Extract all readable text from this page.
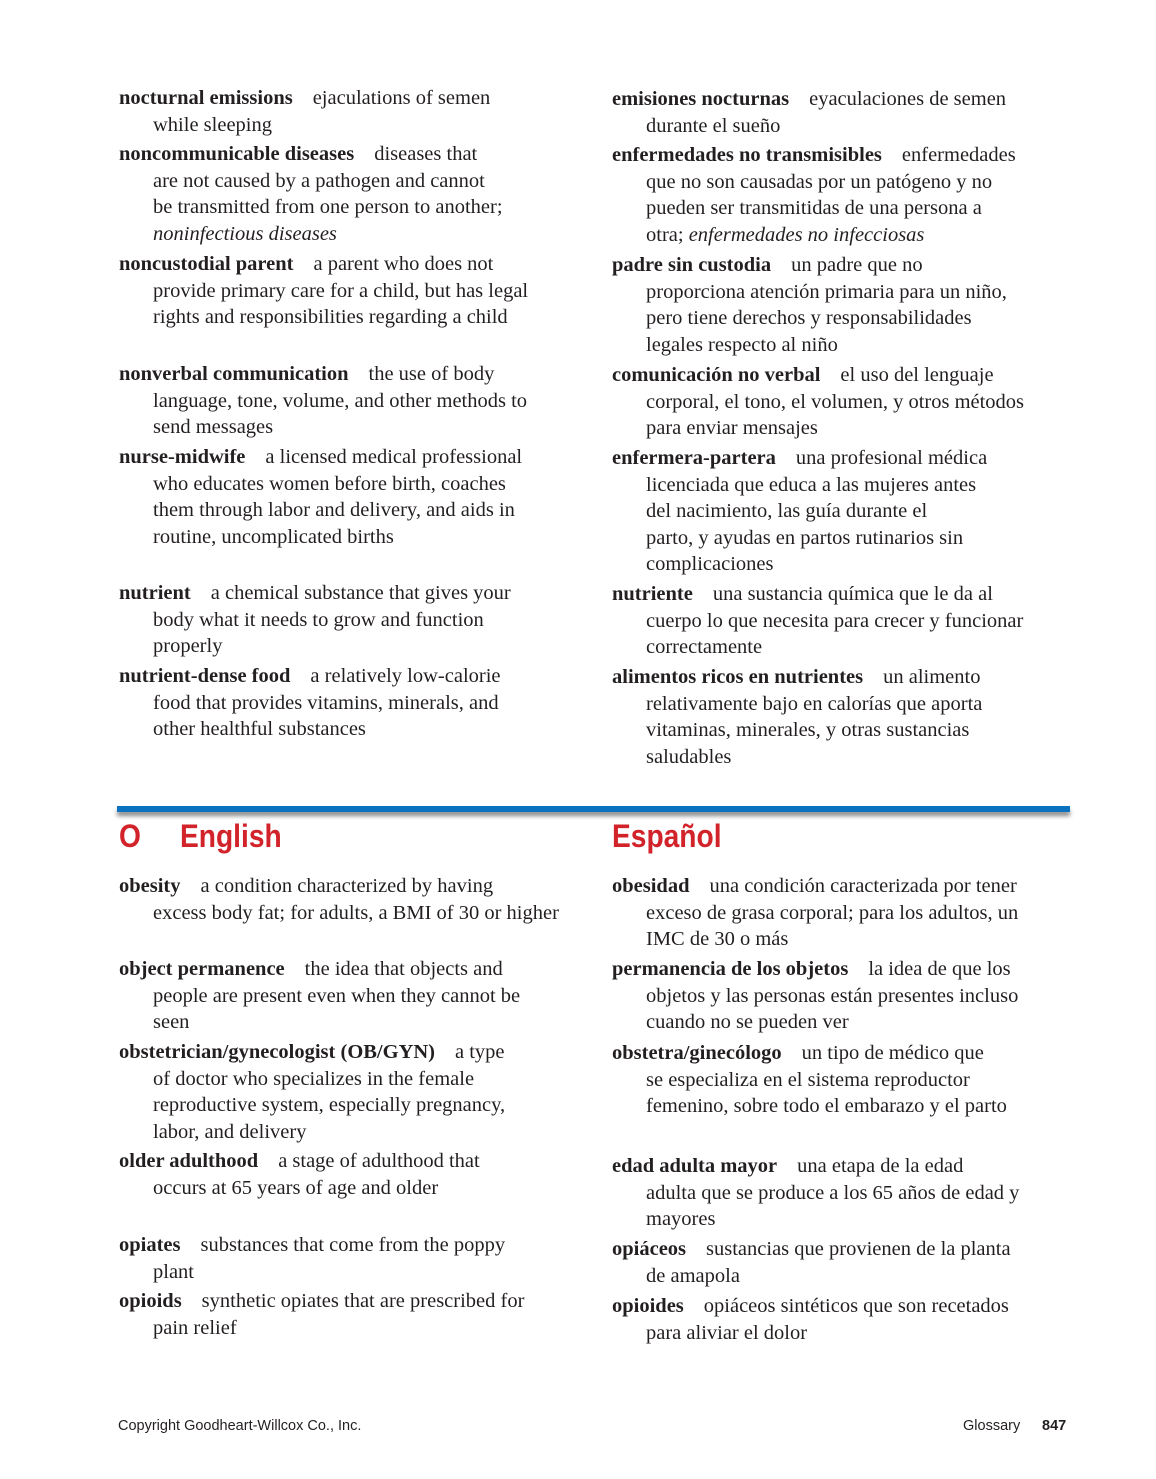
nocturnal emissions ejaculations of semen
while sleeping
noncommunicable diseases diseases that
are not caused by a pathogen and cannot
be transmitted from one person to another;
noninfectious diseases
noncustodial parent a parent who does not
provide primary care for a child, but has legal
rights and responsibilities regarding a child
nonverbal communication the use of body
language, tone, volume, and other methods to
send messages
nurse-midwife a licensed medical professional
who educates women before birth, coaches
them through labor and delivery, and aids in
routine, uncomplicated births
nutrient a chemical substance that gives your
body what it needs to grow and function
properly
nutrient-dense food a relatively low-calorie
food that provides vitamins, minerals, and
other healthful substances
emisiones nocturnas eyaculaciones de semen
durante el sueño
enfermedades no transmisibles enfermedades
que no son causadas por un patógeno y no
pueden ser transmitidas de una persona a
otra; enfermedades no infecciosas
padre sin custodia un padre que no
proporciona atención primaria para un niño,
pero tiene derechos y responsabilidades
legales respecto al niño
comunicación no verbal el uso del lenguaje
corporal, el tono, el volumen, y otros métodos
para enviar mensajes
enfermera-partera una profesional médica
licenciada que educa a las mujeres antes
del nacimiento, las guía durante el
parto, y ayudas en partos rutinarios sin
complicaciones
nutriente una sustancia química que le da al
cuerpo lo que necesita para crecer y funcionar
correctamente
alimentos ricos en nutrientes un alimento
relativamente bajo en calorías que aporta
vitaminas, minerales, y otras sustancias
saludables
O English	Español
obesity a condition characterized by having
excess body fat; for adults, a BMI of 30 or higher
object permanence the idea that objects and
people are present even when they cannot be
seen
obstetrician/gynecologist (OB/GYN) a type
of doctor who specializes in the female
reproductive system, especially pregnancy,
labor, and delivery
older adulthood a stage of adulthood that
occurs at 65 years of age and older
opiates substances that come from the poppy
plant
opioids synthetic opiates that are prescribed for
pain relief
obesidad una condición caracterizada por tener
exceso de grasa corporal; para los adultos, un
IMC de 30 o más
permanencia de los objetos la idea de que los
objetos y las personas están presentes incluso
cuando no se pueden ver
obstetra/ginecólogo un tipo de médico que
se especializa en el sistema reproductor
femenino, sobre todo el embarazo y el parto
edad adulta mayor una etapa de la edad
adulta que se produce a los 65 años de edad y
mayores
opiáceos sustancias que provienen de la planta
de amapola
opioides opiáceos sintéticos que son recetados
para aliviar el dolor
Copyright Goodheart-Willcox Co., Inc.	Glossary 847
